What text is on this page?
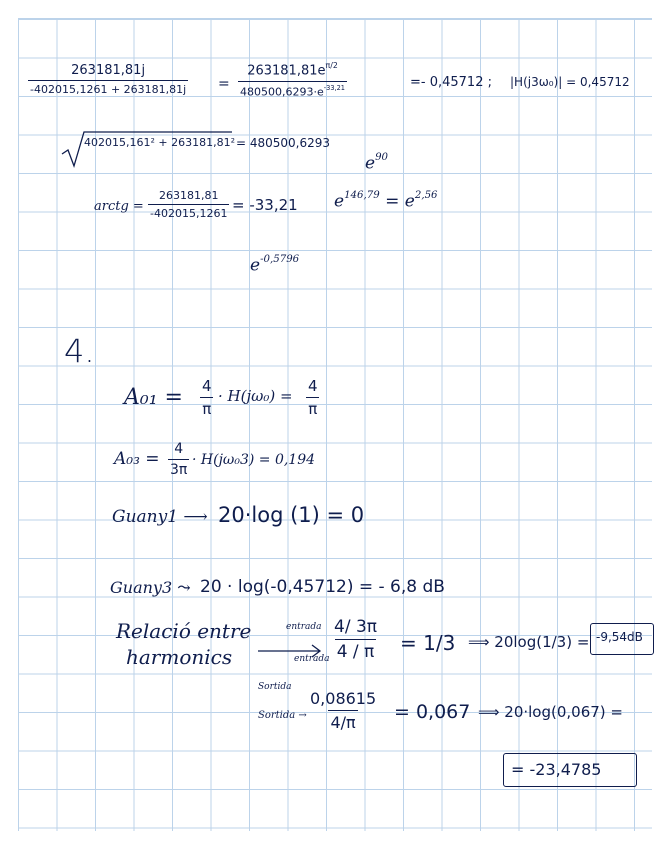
263181,81j
-402015,1261 + 263181,81j =
$263181,81e^{\pi/2}$
$480500,6293\cdot e^{-33,21}$	=- 0,45712 ; |H(j3ω₀)| = 0,45712
402015,161² + 263181,81² = 480500,6293
$e^{90}$
arctg = $\frac{263181,81}{-402015,1261} = -33,21$ $e^{146,79} = e^{2,56}$
$e^{-0,5796}$
4.
$A_{01} = \frac{4}{\pi} \cdot H(j\omega_0) = \frac{4}{\pi}$
$A_{03} = \frac{4}{3\pi} \cdot H(j\omega_03) = 0,194$
Guany1 ⟶ 20·log (1) = 0
Guany3 ⤳ 20 · log(-0,45712) = - 6,8 dB
Relació entre
harmonics
entrada
entrada $\frac{4/ 3\pi}{4 / \pi} = 1/3$ ⟹ 20log(1/3) = -9,54dB
Sortida
Sortida → $\frac{0,08615}{4/\pi} = 0,067$ ⟹ 20·log(0,067) =
= -23,4785
